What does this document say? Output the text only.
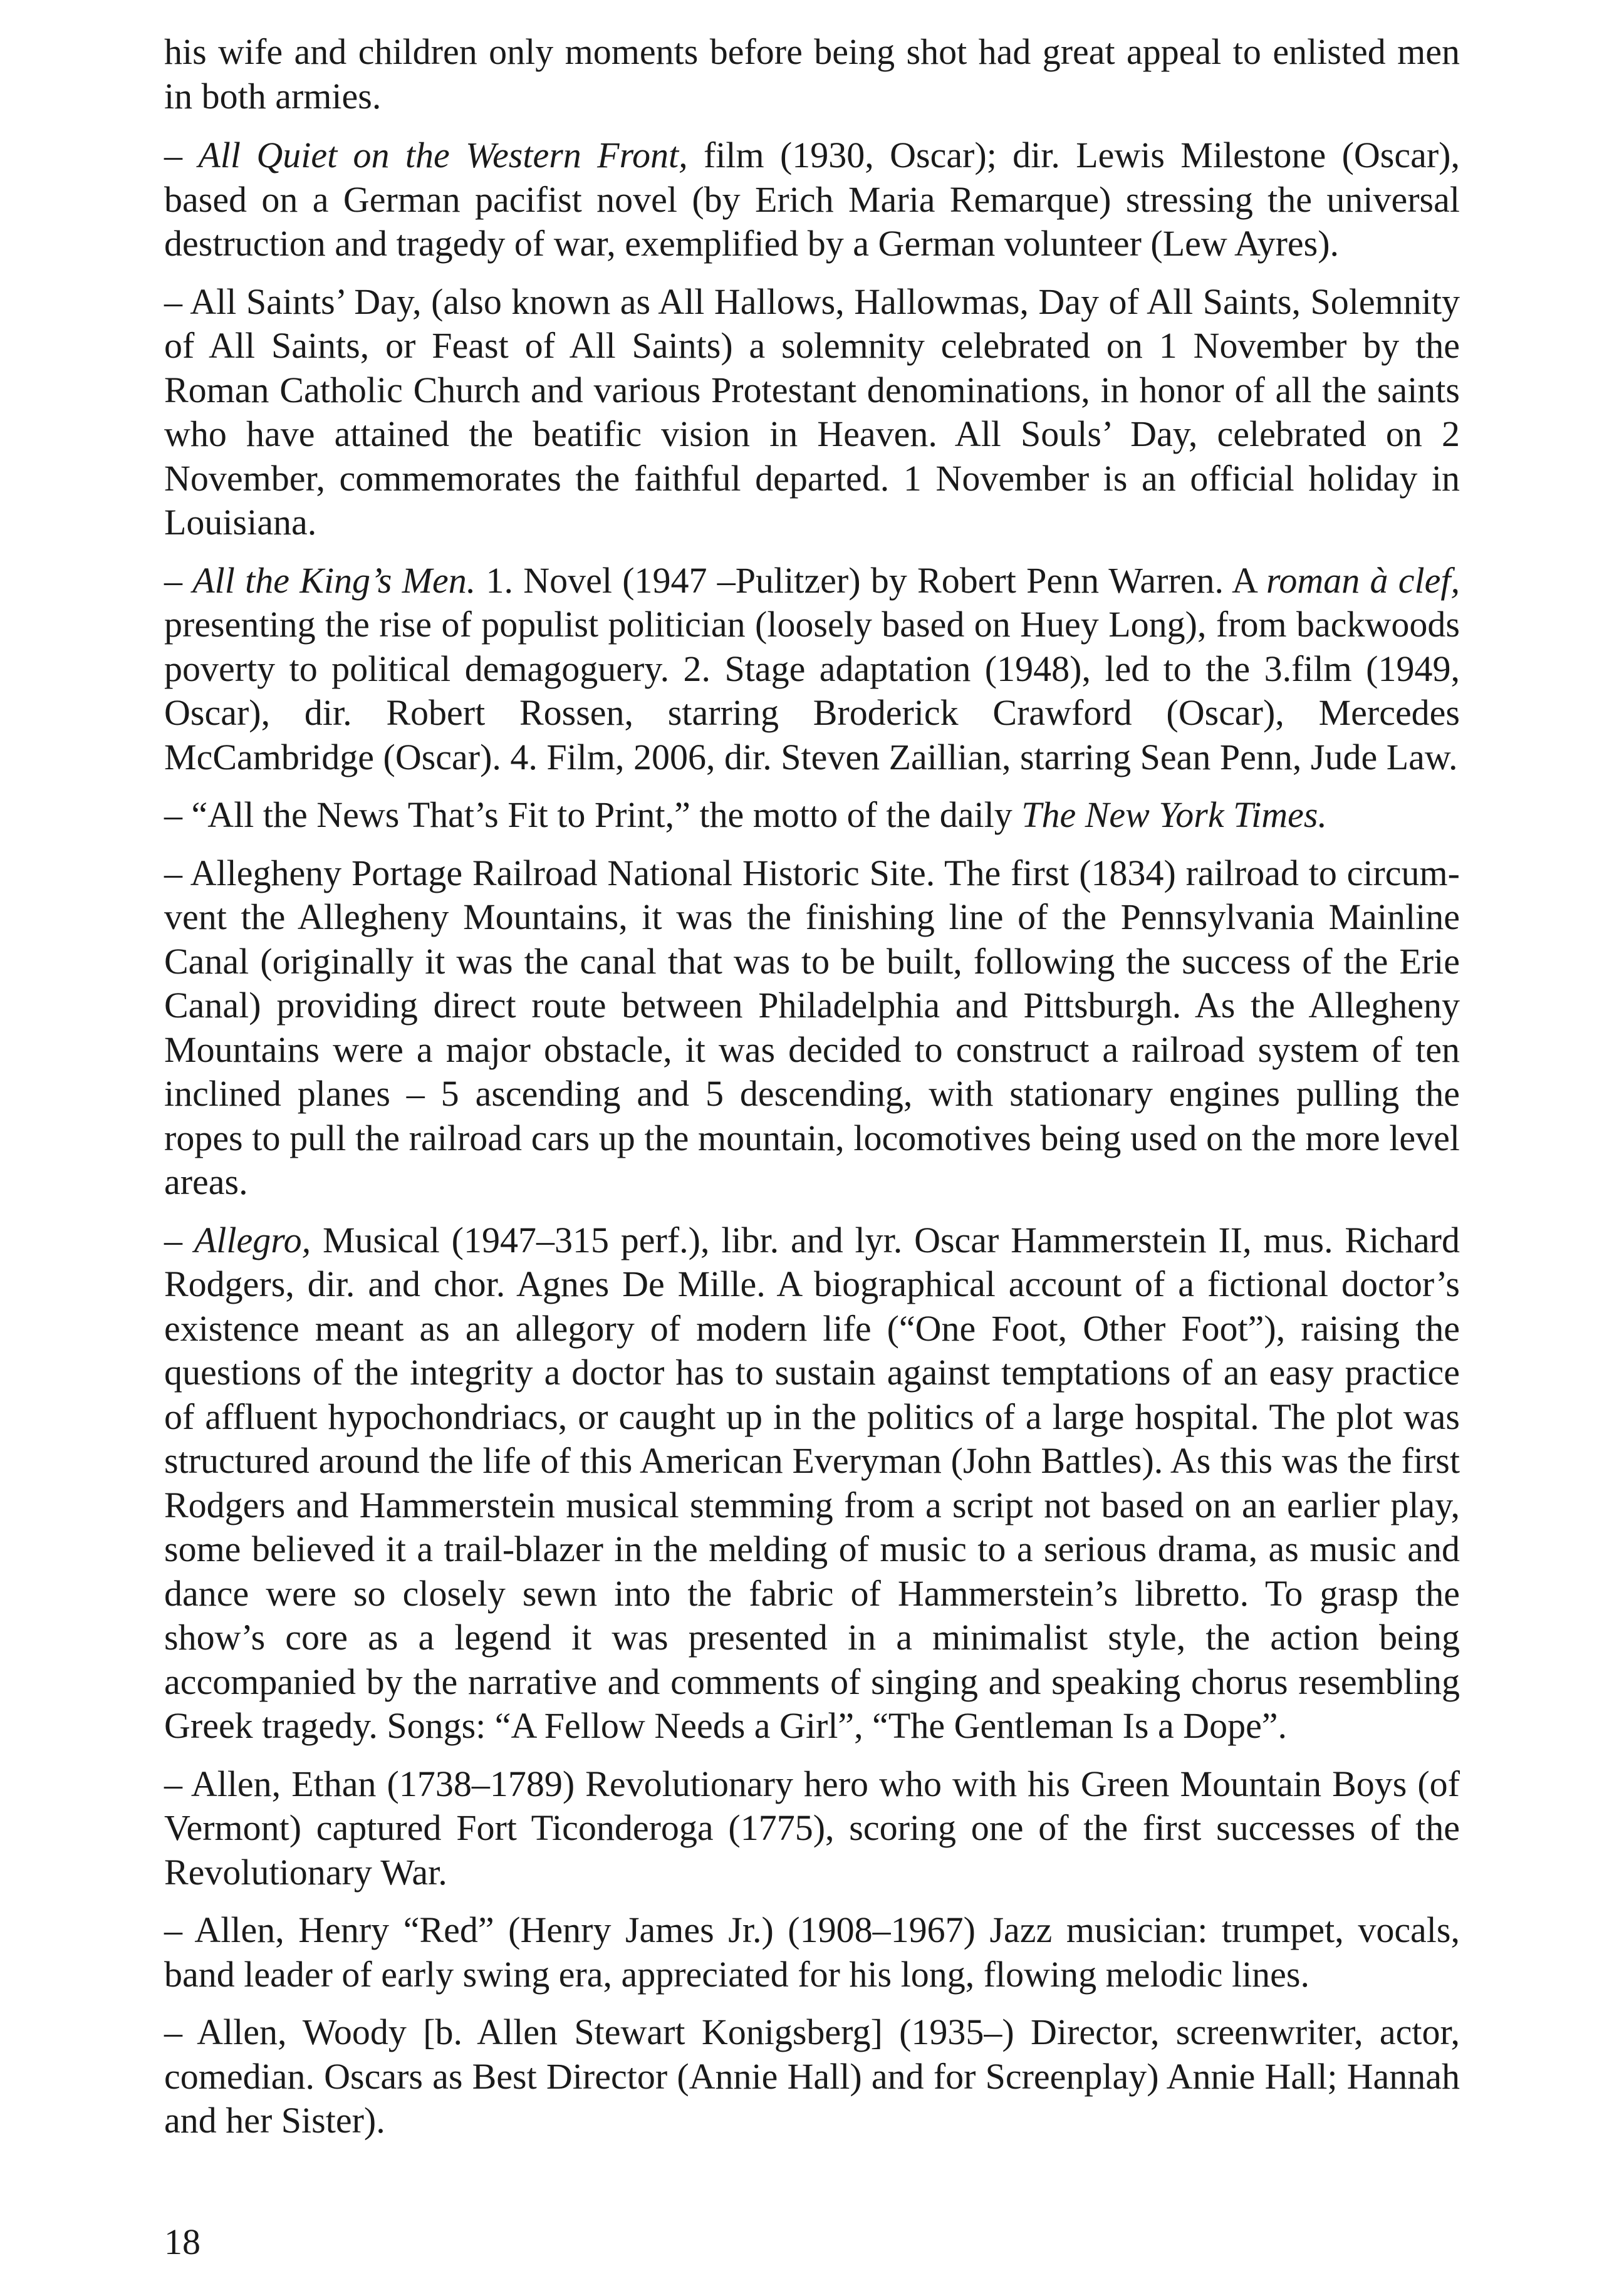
his wife and children only moments before being shot had great appeal to enlisted men in both armies.

– All Quiet on the Western Front, film (1930, Oscar); dir. Lewis Milestone (Oscar), based on a German pacifist novel (by Erich Maria Remarque) stressing the universal destruction and tragedy of war, exemplified by a German volunteer (Lew Ayres).

– All Saints’ Day, (also known as All Hallows, Hallowmas, Day of All Saints, Solemnity of All Saints, or Feast of All Saints) a solemnity celebrated on 1 November by the Roman Catholic Church and various Protestant denominations, in honor of all the saints who have attained the beatific vision in Heaven. All Souls’ Day, celebrated on 2 November, commemorates the faithful departed. 1 November is an official holiday in Louisiana.

– All the King’s Men. 1. Novel (1947 –Pulitzer) by Robert Penn Warren. A roman à clef, presenting the rise of populist politician (loosely based on Huey Long), from backwoods poverty to political demagoguery. 2. Stage adaptation (1948), led to the 3.film (1949, Oscar), dir. Robert Rossen, starring Broderick Crawford (Oscar), Mercedes McCambridge (Oscar). 4. Film, 2006, dir. Steven Zaillian, starring Sean Penn, Jude Law.

– “All the News That’s Fit to Print,” the motto of the daily The New York Times.

– Allegheny Portage Railroad National Historic Site. The first (1834) railroad to circumvent the Allegheny Mountains, it was the finishing line of the Pennsylvania Mainline Canal (originally it was the canal that was to be built, following the success of the Erie Canal) providing direct route between Philadelphia and Pittsburgh. As the Allegheny Mountains were a major obstacle, it was decided to construct a railroad system of ten inclined planes – 5 ascending and 5 descending, with stationary engines pulling the ropes to pull the railroad cars up the mountain, locomotives being used on the more level areas.

– Allegro, Musical (1947–315 perf.), libr. and lyr. Oscar Hammerstein II, mus. Richard Rodgers, dir. and chor. Agnes De Mille. A biographical account of a fictional doctor’s existence meant as an allegory of modern life (“One Foot, Other Foot”), raising the questions of the integrity a doctor has to sustain against temptations of an easy practice of affluent hypochondriacs, or caught up in the politics of a large hospital. The plot was structured around the life of this American Everyman (John Battles). As this was the first Rodgers and Hammerstein musical stemming from a script not based on an earlier play, some believed it a trail-blazer in the melding of music to a serious drama, as music and dance were so closely sewn into the fabric of Hammerstein’s libretto. To grasp the show’s core as a legend it was presented in a minimalist style, the action being accompanied by the narrative and comments of singing and speaking chorus resembling Greek tragedy. Songs: “A Fellow Needs a Girl”, “The Gentleman Is a Dope”.

– Allen, Ethan (1738–1789) Revolutionary hero who with his Green Mountain Boys (of Vermont) captured Fort Ticonderoga (1775), scoring one of the first successes of the Revolutionary War.

– Allen, Henry “Red” (Henry James Jr.) (1908–1967) Jazz musician: trumpet, vocals, band leader of early swing era, appreciated for his long, flowing melodic lines.

– Allen, Woody [b. Allen Stewart Konigsberg] (1935–) Director, screenwriter, actor, comedian. Oscars as Best Director (Annie Hall) and for Screenplay) Annie Hall; Hannah and her Sister).

18
